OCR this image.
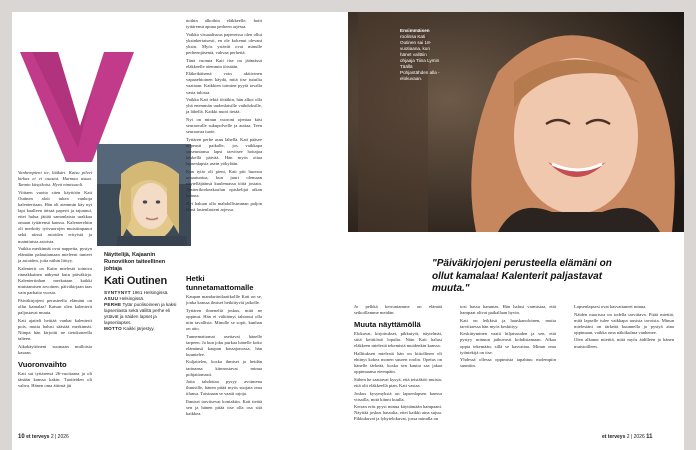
Vanhempieni tie, lääkäri. Kaisu pilvei kirkas ei ei osastot. Harmaa asiaa. Tannin kitsyikoist. Hyvä nimissaoli.

Viittaen vuotta siten käyttöön Kati Outinen aloit tukea vanhoja kalenteritaan. Hän oli aiemmin käy nyt lapi kaalleen ärtsaä paperit ja tajunnut, ettei halua jättää samanlaista urakkaa omaan tyttärensä kanssa. Kalenterehtin oli merkitty työvuorojen muistiinpanot sekä niissä asioiden erityistä ja mainituista asioista.

Vaikka merkinnät ovat nappeita, pystyn elämään palauttamaan mieleeni tunteet ja asioiden, joita niihin liittyy.

Kalenterit on Katin mielestä toimiva rinnakkainen näkymä kuin päiväkirja. Kalenteriinhan merkataan kaikki muistamisen arvoinen, päiväkirjaan taas vain parhaita vuosia.

Päiväkirjojeni perusteella elämäni on ollut kamalaa! Kaisan olen kalenterit paljastavat muuta.

Kati ajatteli heittää vanhat kalenterit pois, mutta halusi säästää merkinnät. Niinpä hän kirjoitti ne tietokoneella talteen.

Aikakäyttöneni suomaan mulloisia kasaan.

Vuoronvaihto

Kati sai tyttärensä 26-vuotiaana ja oli tänään kanssa kakin. Tuotteiden oli vahva. Hänen oma äitinsä jäi

nothin alkoihin eläkkeelle, hotti tyttärensä apuna perheen arjessa.

Vaikka visuaalisuus papereissa olen ollut yksinkertaisesti, en ole kokenut olevani yksin. Myös ystävät ovat minulle perheenjäseniä, vahvaa perhettä.

Tänä vuonna Kati itse on jäämässä eläkkeelle aiemmin töistään.

Eläkeikäisenä voin aktiivinen vapaaehtoinen käydä, mitä itse tutuilta vaatiaan. Kaikkien toimien pyytä tavalla vasta tulossa.

Vaikka Kati tekiä töitäkin, hän alkoi olla yhä enemmän uudenlaisille vaihdoksille, ja lähellä. Kaikki nuori tietää.

Nyt on minun vuoroni ojentaa käsi seuraavalle sukupolvelle ja auttaa. Teen seuraavaa tuote.

Tyttären perhe asuu lähellä. Kati pääsee nopeasti paikalle, jos vaikkapa saiseuntansa lapsi tarvitsee hoitajaa keskellä päivää. Hän myös ottaa lapsenlapsia usein yökylään.

Kun tytär oli pieni, Kati piti huonoa omaatuntoa, kun juuri olemaan näytelläjäänsä kuulemassa töitä jostain. Teatterikorkeakoulun opiskelijat aikan kotona.

Nyt haluan olla mahdollisimman paljon läsnä lastenlasteni arjessa.

Hetki tunnetamattomalle

Kaupan mandariinilaatikollle Kati on se, jonka kanssa ilmiset hetkittyvät jatkolle.

Tyttären ilmeneltä joskus, mitä ne oppinut. Hän ei välittänyt tahtonut olla niin tavallista. Minulle se sopii, kunhan on aito.

Tunnemattomat asettavat hänelle tarpeen. Ja kun joku purkaa hänelle koko elämänsä kaupan kassajonossa, hän kuuntelee.

Kuljattelen, koska ihmiset ja heidän tarinansa kiinnostavat minua pohjattomasti.

Jotta tahdottaa pysyy avoimena ihmisille, hänen pitää myös suojata oma tilansa. Toisinaan se vaatii rajoja.

Ihmiset tarvitsevat kontaktin. Kati tietää sen ja hänen pitää itse olla osa sitä kaikkea.

Näyttelijä, Kajaanin Runoviikon taiteellinen johtaja
Kati Outinen

SYNTYNYT 1961 Helsingissä.

ASUU Helsingissä.

PERHE Tytär puolisoineen ja kaksi lapsenlasta sekä väliltä perhe eli ystävät ja näiden lapset ja lapsenlapset.

MOTTO Kaikki järjestyy.

10 et terveys 2 | 2026
Ensimmäisen roolinsa Kati Outinen sai 18-vuotiaana, kun hänet valittiin ohjaaja Tiina Lymin Täällä Pohjantähden alla -elokuvaan.
"Päiväkirjojeni perusteella elämäni on ollut kamalaa! Kalenterit paljastavat muuta."

Jo pelkkä kerrontamme on elämää seikoillamme meidän.

Muuta näyttämöllä

Elokuvat, kirjoitukset, pikkutyöt, näytelmät, siitä keittiöstä lopulta. Näin Kati halusi eläkkeen mielestä tekemistä muidenkin kanssa.

Hallituksen mielestä hän on kiitollinen oli ehtinyt kokea monen suuren roolin. Opetus on hänelle tärkeää, koska sen kautta saa jakaa oppimaansa eteenpäin.

Siihen he saattavat kysyä, että teistäköö muista, että olit eläkkeellä pian, Kati vastaa.

Joskus kysymyksiä on lapsenlapsen kanssa vitsailla, mitä kiinni kuulla.

Kerran eräs pyysi minua käyttämään hampaani. Näyttää joskus hassulta, ettei kaikki aina sujuu. Pikkukuvat ja lyhytelokuvat, jossa minulla on

tosi hassu hammas. Hän halusi varmistaa, että hampaat olivat paikallaan hyvin.

Kati on leikkisä ja hauskanoloinen, mutta tarvittaessa hän myös keskittyy.

Keskittyminen vaatii hiljaisuuden ja sen, että pystyy minuun jatkuvasti kohdistamaan. Alkaa oppia tekemään, sillä se kasvattaa. Minun oma työntekijä on itse.

Yhdessä ollessa oppimista tapahtuu molempiin suuntiin.

Lapsenlapsesi ovat kasvattaneet minua.

Näiden nuorisoa on todella tarvittava. Pitää miettiä, mitä lapselle tulee vaikkapa uusista tavoista. Minun mielestäni on tärkeää kuunnella ja pystyä aina oppimaan, vaikka oma näkökulma vanhenee.

Olen alkanut miettiä, mitä myös äidilleen ja hänen muistoilleen.

et terveys 2 | 2026 11
